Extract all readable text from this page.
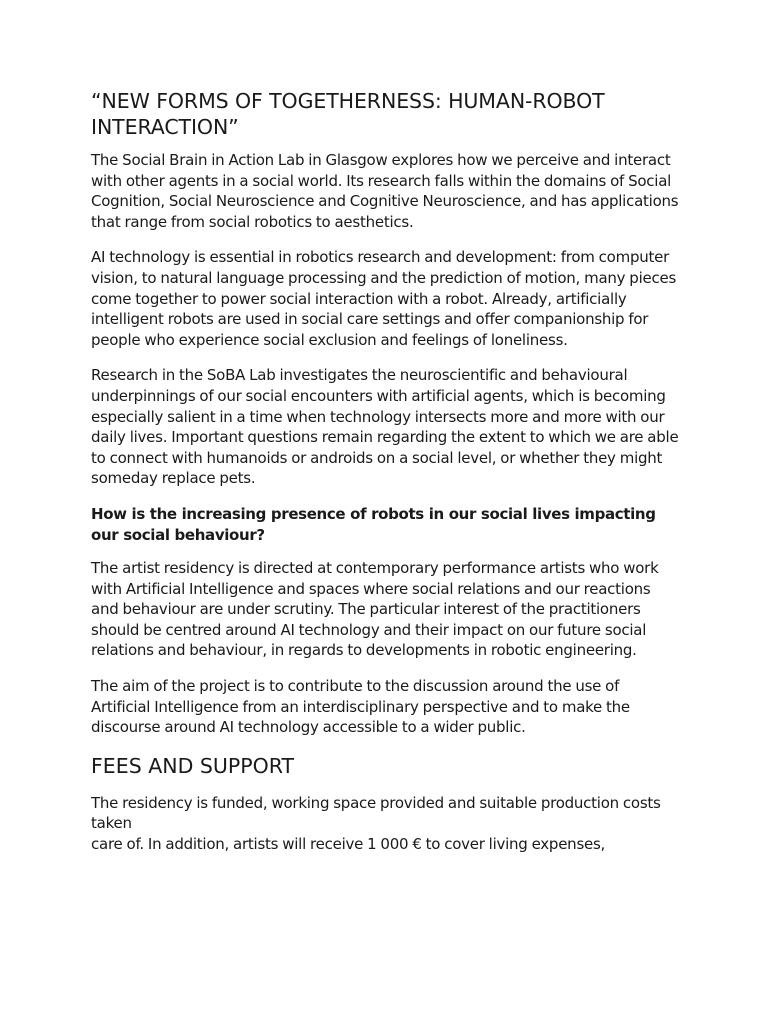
“NEW FORMS OF TOGETHERNESS: HUMAN-ROBOT INTERACTION”

The Social Brain in Action Lab in Glasgow explores how we perceive and interact with other agents in a social world. Its research falls within the domains of Social Cognition, Social Neuroscience and Cognitive Neuroscience, and has applications that range from social robotics to aesthetics.

AI technology is essential in robotics research and development: from computer vision, to natural language processing and the prediction of motion, many pieces come together to power social interaction with a robot. Already, artificially intelligent robots are used in social care settings and offer companionship for people who experience social exclusion and feelings of loneliness.

Research in the SoBA Lab investigates the neuroscientific and behavioural underpinnings of our social encounters with artificial agents, which is becoming especially salient in a time when technology intersects more and more with our daily lives. Important questions remain regarding the extent to which we are able to connect with humanoids or androids on a social level, or whether they might someday replace pets.

How is the increasing presence of robots in our social lives impacting our social behaviour?

The artist residency is directed at contemporary performance artists who work with Artificial Intelligence and spaces where social relations and our reactions and behaviour are under scrutiny. The particular interest of the practitioners should be centred around AI technology and their impact on our future social relations and behaviour, in regards to developments in robotic engineering.

The aim of the project is to contribute to the discussion around the use of Artificial Intelligence from an interdisciplinary perspective and to make the discourse around AI technology accessible to a wider public.

FEES AND SUPPORT

The residency is funded, working space provided and suitable production costs taken

care of. In addition, artists will receive 1 000 € to cover living expenses,
